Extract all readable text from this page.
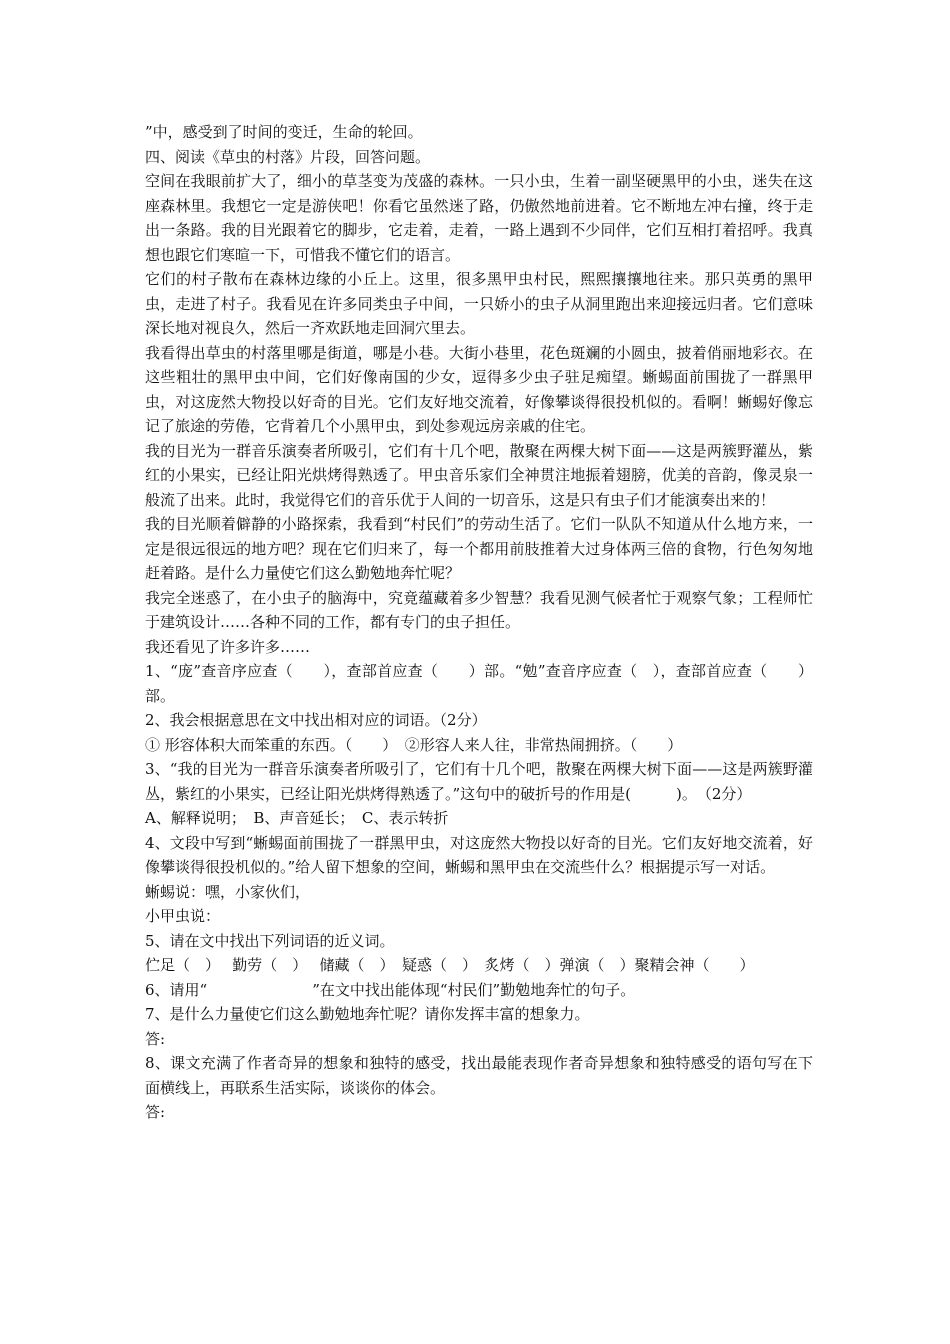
”中，感受到了时间的变迁，生命的轮回。

四、阅读《草虫的村落》片段，回答问题。

空间在我眼前扩大了，细小的草茎变为茂盛的森林。一只小虫，生着一副坚硬黑甲的小虫，迷失在这座森林里。我想它一定是游侠吧！你看它虽然迷了路，仍傲然地前进着。它不断地左冲右撞，终于走出一条路。我的目光跟着它的脚步，它走着，走着，一路上遇到不少同伴，它们互相打着招呼。我真想也跟它们寒暄一下，可惜我不懂它们的语言。

它们的村子散布在森林边缘的小丘上。这里，很多黑甲虫村民，熙熙攘攘地往来。那只英勇的黑甲虫，走进了村子。我看见在许多同类虫子中间，一只娇小的虫子从洞里跑出来迎接远归者。它们意味深长地对视良久，然后一齐欢跃地走回洞穴里去。

我看得出草虫的村落里哪是街道，哪是小巷。大街小巷里，花色斑斓的小圆虫，披着俏丽地彩衣。在这些粗壮的黑甲虫中间，它们好像南国的少女，逗得多少虫子驻足痴望。蜥蜴面前围拢了一群黑甲虫，对这庞然大物投以好奇的目光。它们友好地交流着，好像攀谈得很投机似的。看啊！蜥蜴好像忘记了旅途的劳倦，它背着几个小黑甲虫，到处参观远房亲戚的住宅。

我的目光为一群音乐演奏者所吸引，它们有十几个吧，散聚在两棵大树下面——这是两簇野灌丛，紫红的小果实，已经让阳光烘烤得熟透了。甲虫音乐家们全神贯注地振着翅膀，优美的音韵，像灵泉一般流了出来。此时，我觉得它们的音乐优于人间的一切音乐，这是只有虫子们才能演奏出来的！

我的目光顺着僻静的小路探索，我看到“村民们”的劳动生活了。它们一队队不知道从什么地方来，一定是很远很远的地方吧？现在它们归来了，每一个都用前肢推着大过身体两三倍的食物，行色匆匆地赶着路。是什么力量使它们这么勤勉地奔忙呢？

我完全迷惑了，在小虫子的脑海中，究竟蕴藏着多少智慧？我看见测气候者忙于观察气象；工程师忙于建筑设计……各种不同的工作，都有专门的虫子担任。

我还看见了许多许多……

1、“庞”查音序应查（　　），查部首应查（　　）部。“勉”查音序应查（　），查部首应查（　　）部。

2、我会根据意思在文中找出相对应的词语。（2分）

① 形容体积大而笨重的东西。（　　）　②形容人来人往，非常热闹拥挤。（　　）

3、“我的目光为一群音乐演奏者所吸引了，它们有十几个吧，散聚在两棵大树下面——这是两簇野灌丛，紫红的小果实，已经让阳光烘烤得熟透了。”这句中的破折号的作用是(　　　)。　（2分）

A、解释说明；　B、声音延长；　C、表示转折

4、文段中写到“蜥蜴面前围拢了一群黑甲虫，对这庞然大物投以好奇的目光。它们友好地交流着，好像攀谈得很投机似的。”给人留下想象的空间，蜥蜴和黑甲虫在交流些什么？根据提示写一对话。

蜥蜴说：嘿，小家伙们，

小甲虫说：

5、请在文中找出下列词语的近义词。

伫足（　）　 勤劳（　）　 储藏（　）　疑惑（　）　炙烤（　）弹演（　）聚精会神（　　）

6、请用“　　　　　　　”在文中找出能体现“村民们”勤勉地奔忙的句子。

7、是什么力量使它们这么勤勉地奔忙呢？请你发挥丰富的想象力。

答:

8、课文充满了作者奇异的想象和独特的感受，找出最能表现作者奇异想象和独特感受的语句写在下面横线上，再联系生活实际，谈谈你的体会。

答:
